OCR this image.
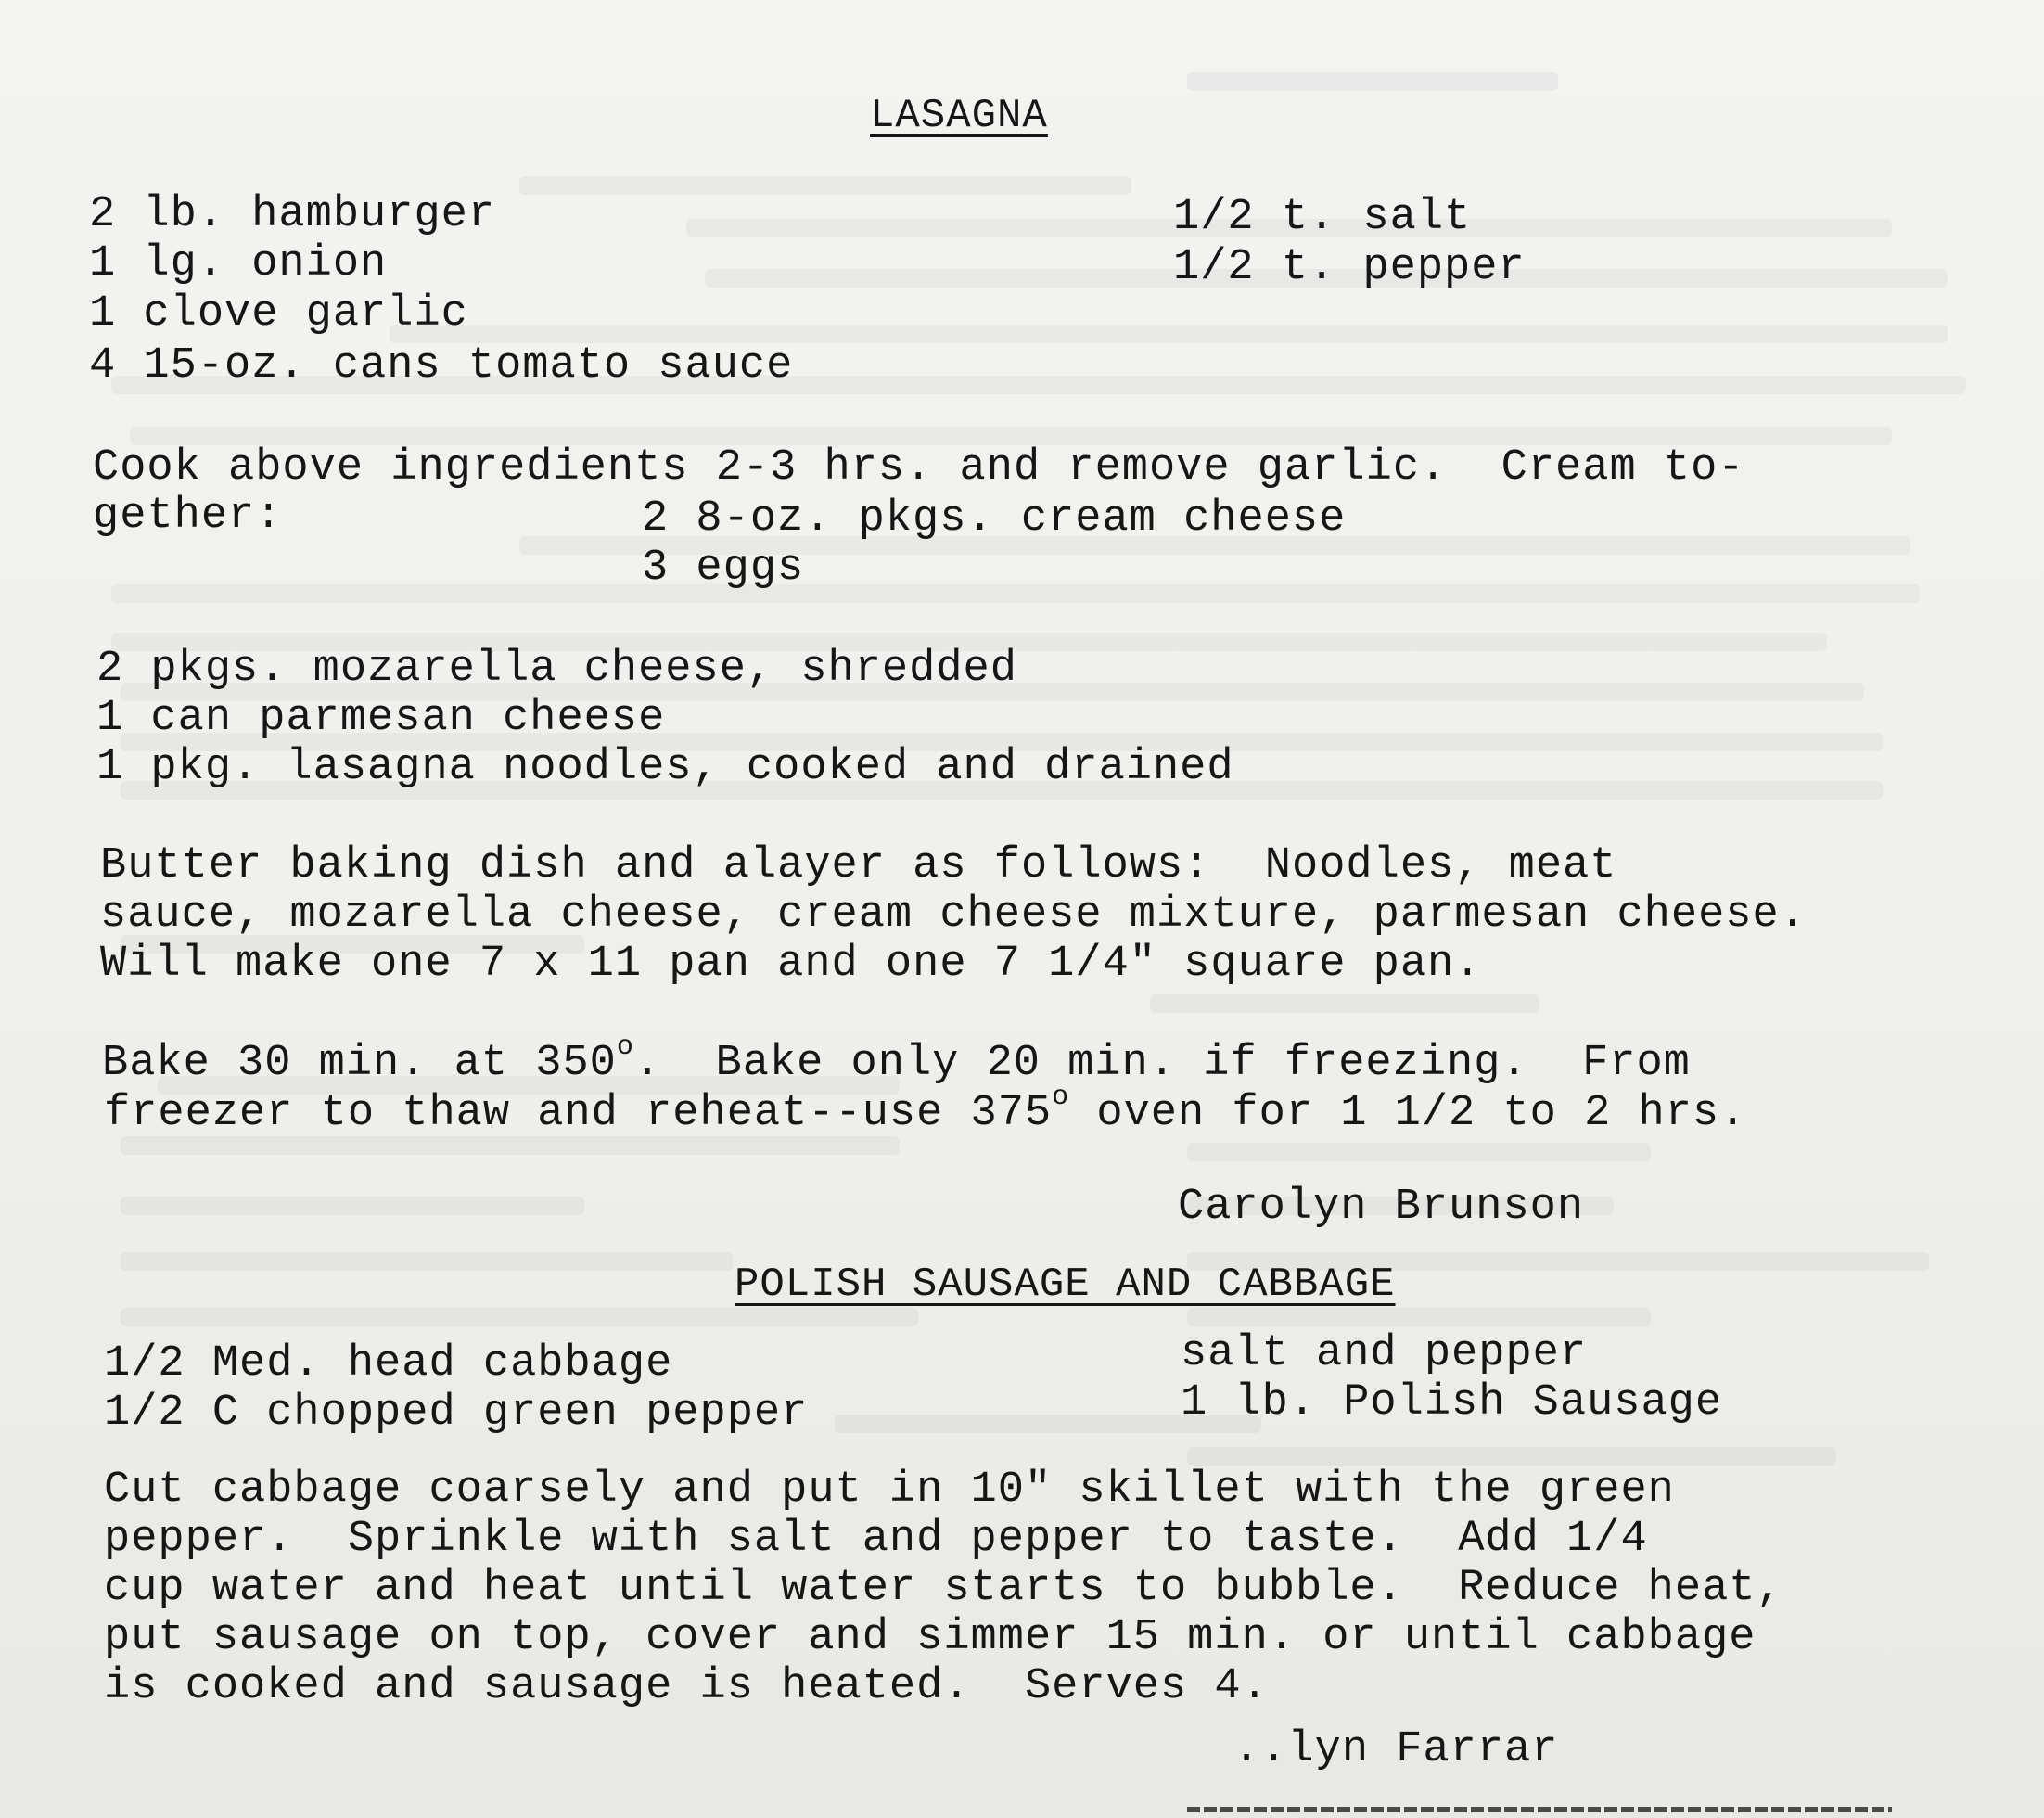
LASAGNA
2 lb. hamburger
1 lg. onion
1 clove garlic
4 15-oz. cans tomato sauce
1/2 t. salt
1/2 t. pepper
Cook above ingredients 2-3 hrs. and remove garlic.  Cream to-
gether:	2 8-oz. pkgs. cream cheese
3 eggs
2 pkgs. mozarella cheese, shredded
1 can parmesan cheese
1 pkg. lasagna noodles, cooked and drained
Butter baking dish and alayer as follows:  Noodles, meat
sauce, mozarella cheese, cream cheese mixture, parmesan cheese.
Will make one 7 x 11 pan and one 7 1/4" square pan.
Bake 30 min. at 350$^o$.  Bake only 20 min. if freezing.  From
freezer to thaw and reheat--use 375$^o$ oven for 1 1/2 to 2 hrs.
Carolyn Brunson
POLISH SAUSAGE AND CABBAGE
1/2 Med. head cabbage
1/2 C chopped green pepper
salt and pepper
1 lb. Polish Sausage
Cut cabbage coarsely and put in 10" skillet with the green
pepper.  Sprinkle with salt and pepper to taste.  Add 1/4
cup water and heat until water starts to bubble.  Reduce heat,
put sausage on top, cover and simmer 15 min. or until cabbage
is cooked and sausage is heated.  Serves 4.
..lyn Farrar
